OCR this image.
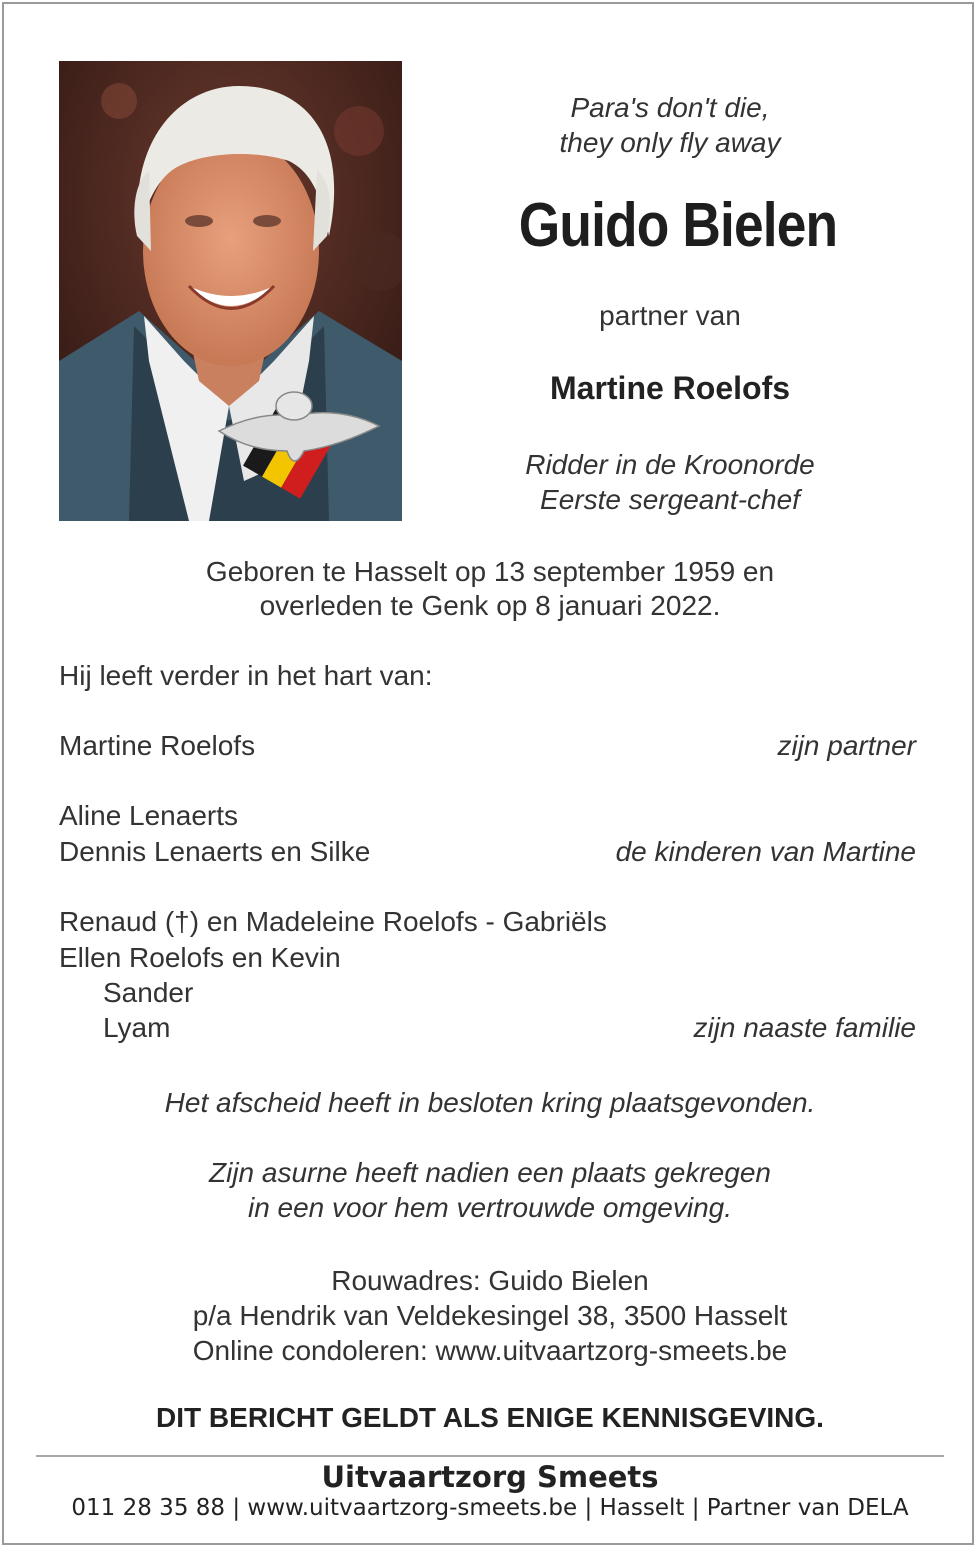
Para's don't die,
they only fly away
Guido Bielen
partner van
Martine Roelofs
Ridder in de Kroonorde
Eerste sergeant-chef
Geboren te Hasselt op 13 september 1959 en
overleden te Genk op 8 januari 2022.
Hij leeft verder in het hart van:
Martine Roelofs	zijn partner
Aline Lenaerts
Dennis Lenaerts en Silke	de kinderen van Martine
Renaud (†) en Madeleine Roelofs - Gabriëls
Ellen Roelofs en Kevin
Sander
Lyam	zijn naaste familie
Het afscheid heeft in besloten kring plaatsgevonden.
Zijn asurne heeft nadien een plaats gekregen
in een voor hem vertrouwde omgeving.
Rouwadres: Guido Bielen
p/a Hendrik van Veldekesingel 38, 3500 Hasselt
Online condoleren: www.uitvaartzorg-smeets.be
DIT BERICHT GELDT ALS ENIGE KENNISGEVING.
Uitvaartzorg Smeets
011 28 35 88 | www.uitvaartzorg-smeets.be | Hasselt | Partner van DELA
